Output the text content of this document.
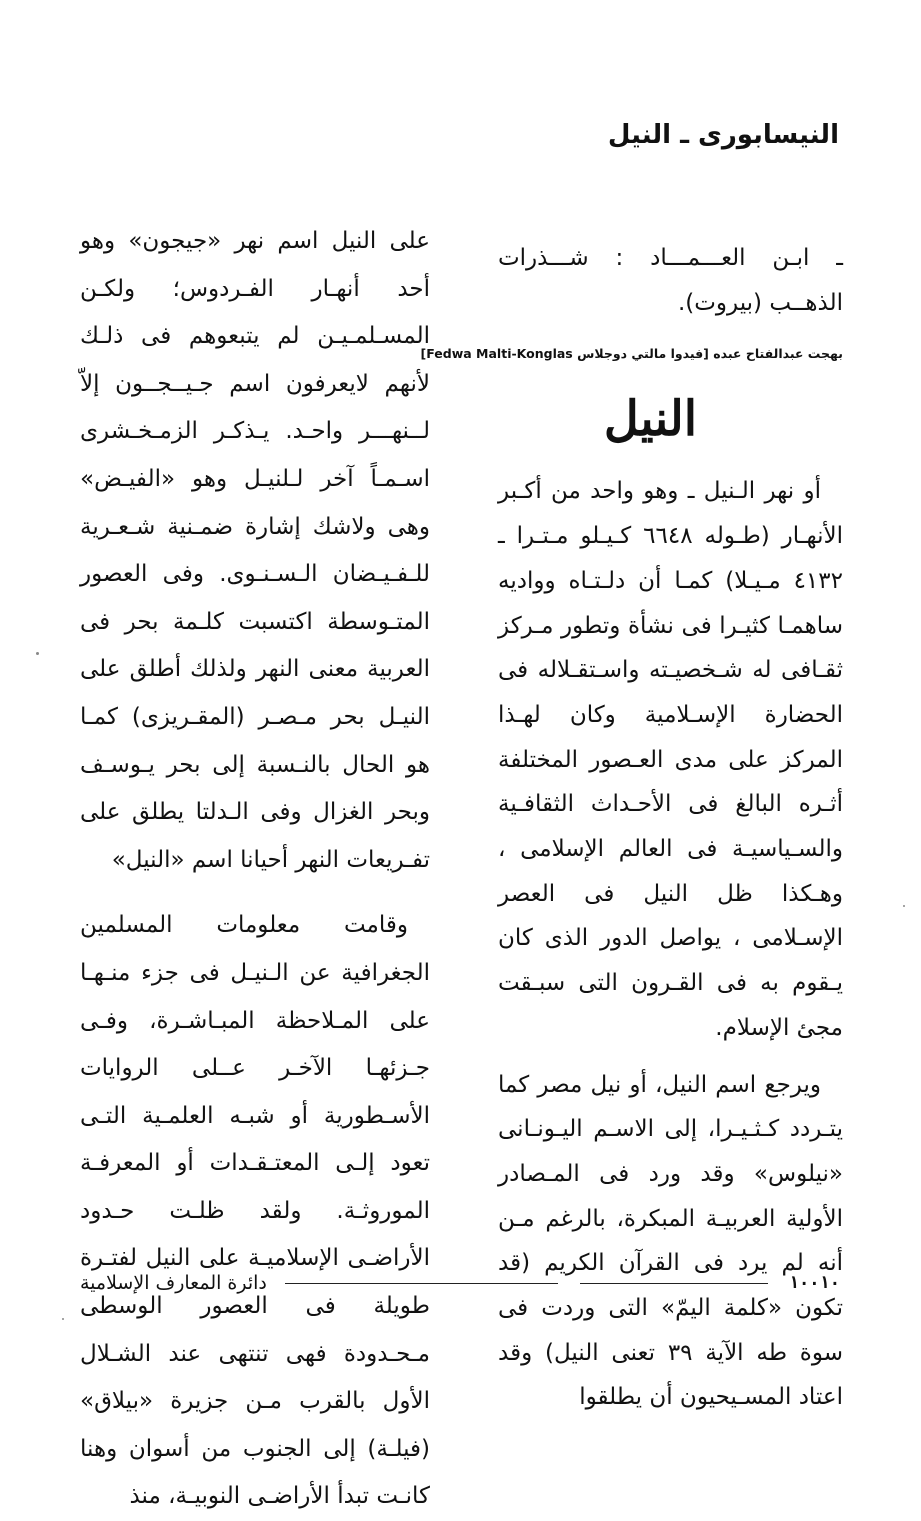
النيسابورى ـ النيل

ـ ابـن العـــمـــاد : شـــذرات الذهــب (بيروت).

بهجت عبدالفتاح عبده [فيدوا مالتي دوجلاس Fedwa Malti-Konglas]

النيل

أو نهر الـنيل ـ وهو واحد من أكـبر الأنهـار (طـوله ٦٦٤٨ كـيـلو مـتـرا ـ ٤١٣٢ مـيـلا) كمـا أن دلـتـاه وواديه ساهمـا كثيـرا فى نشأة وتطور مـركز ثقـافى له شـخصيـته واسـتقـلاله فى الحضارة الإسـلامية وكان لهـذا المركز على مدى العـصور المختلفة أثـره البالغ فى الأحـداث الثقافـية والسـياسيـة فى العالم الإسلامى ، وهـكذا ظل النيل فى العصر الإسـلامى ، يواصل الدور الذى كان يـقوم به فى القـرون التى سبـقت مجئ الإسلام.

ويرجع اسم النيل، أو نيل مصر كما يتـردد كـثـيـرا، إلى الاسـم اليـونـانى «نيلوس» وقد ورد فى المـصادر الأولية العربيـة المبكرة، بالرغم مـن أنه لم يرد فى القرآن الكريم (قد تكون «كلمة اليمّ» التى وردت فى سوة طه الآية ٣٩ تعنى النيل) وقد اعتاد المسـيحيون أن يطلقوا

على النيل اسم نهر «جيجون» وهو أحد أنهـار الفـردوس؛ ولكـن المسـلمـيـن لم يتبعوهم فى ذلـك لأنهم لايعرفون اسم جـيــجــون إلاّ لــنهـــر واحـد. يـذكـر الزمـخـشرى اسـمـاً آخر لـلنيـل وهو «الفيـض» وهى ولاشك إشارة ضمـنية شـعـرية للـفـيـضان الـسـنـوى. وفى العصور المتـوسطة اكتسبت كلـمة بحر فى العربية معنى النهر ولذلك أطلق على النيـل بحر مـصـر (المقـريزى) كمـا هو الحال بالنـسبة إلى بحر يـوسـف وبحر الغزال وفى الـدلتا يطلق على تفـريعات النهر أحيانا اسم «النيل»

وقامت معلومات المسلمين الجغرافية عن الـنيـل فى جزء منـهـا على المـلاحظة المبـاشـرة، وفـى جـزئهـا الآخـر عــلى الروايات الأسـطورية أو شبـه العلمـية التـى تعود إلـى المعتـقـدات أو المعرفـة الموروثـة. ولقد ظلـت حـدود الأراضـى الإسلاميـة على النيل لفتـرة طويلة فى العصور الوسطى مـحـدودة فهى تنتهى عند الشـلال الأول بالقرب مـن جزيرة «بيلاق» (فيلـة) إلى الجنوب من أسوان وهنا كانـت تبدأ الأراضـى النوبيـة، منذ

١٠٠١٠
دائرة المعارف الإسلامية
